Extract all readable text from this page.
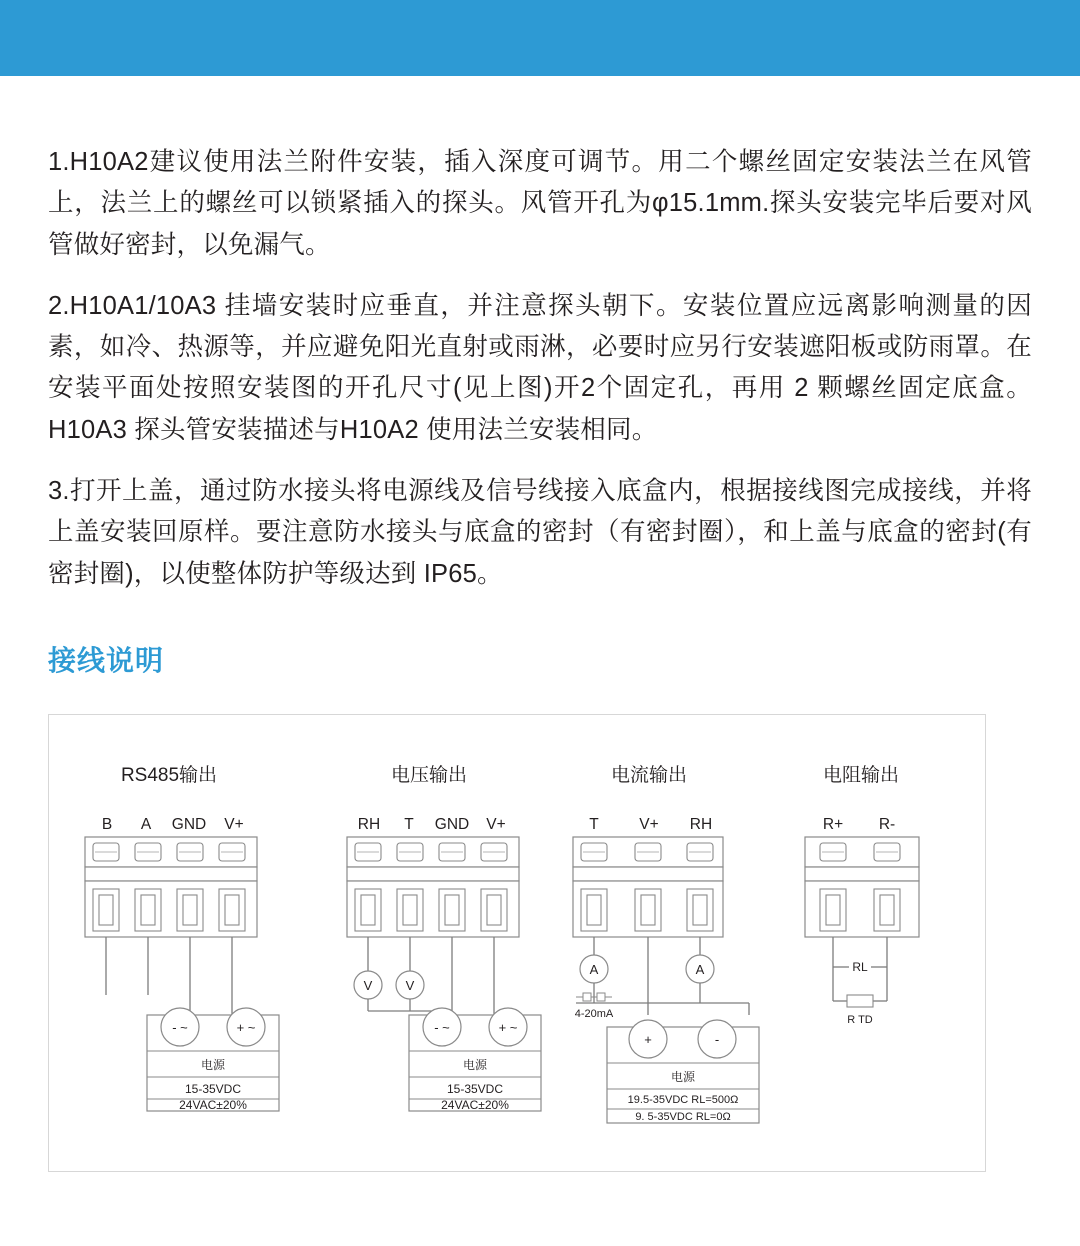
1.H10A2建议使用法兰附件安装，插入深度可调节。用二个螺丝固定安装法兰在风管上，法兰上的螺丝可以锁紧插入的探头。风管开孔为φ15.1mm.探头安装完毕后要对风管做好密封，以免漏气。

2.H10A1/10A3 挂墙安装时应垂直，并注意探头朝下。安装位置应远离影响测量的因素，如冷、热源等，并应避免阳光直射或雨淋，必要时应另行安装遮阳板或防雨罩。在安装平面处按照安装图的开孔尺寸(见上图)开2个固定孔，再用 2 颗螺丝固定底盒。H10A3 探头管安装描述与H10A2 使用法兰安装相同。

3.打开上盖，通过防水接头将电源线及信号线接入底盒内，根据接线图完成接线，并将上盖安装回原样。要注意防水接头与底盒的密封（有密封圈），和上盖与底盒的密封(有密封圈)，以使整体防护等级达到 IP65。

接线说明
RS485输出
B A GND V+
- ~	+ ~
电源
15-35VDC
24VAC±20%
电压输出
RH T GND V+
V	V
- ~	+ ~
电源
15-35VDC
24VAC±20%
电流输出
T	V+ RH
A	A
4-20mA
+	-
电源
19.5-35VDC RL=500Ω
9. 5-35VDC RL=0Ω
电阻输出
R+ R-
RL
R TD
